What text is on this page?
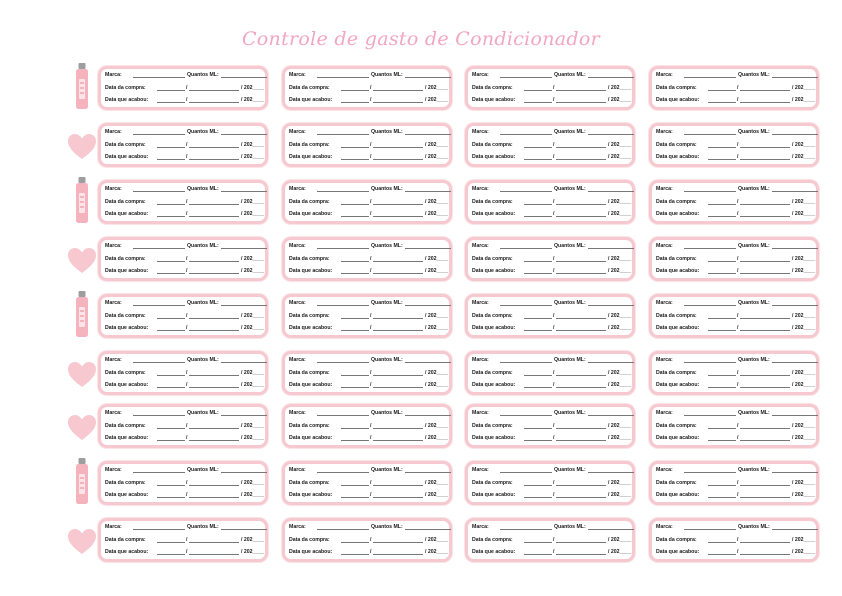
Controle de gasto de Condicionador
Marca:	Quantos ML:
Data da compra:	/	/ 202____
Data que acabou:	/	/ 202____
Marca:	Quantos ML:
Data da compra:	/	/ 202____
Data que acabou:	/	/ 202____
Marca:	Quantos ML:
Data da compra:	/	/ 202____
Data que acabou:	/	/ 202____
Marca:	Quantos ML:
Data da compra:	/	/ 202____
Data que acabou:	/	/ 202____
Marca:	Quantos ML:
Data da compra:	/	/ 202____
Data que acabou:	/	/ 202____
Marca:	Quantos ML:
Data da compra:	/	/ 202____
Data que acabou:	/	/ 202____
Marca:	Quantos ML:
Data da compra:	/	/ 202____
Data que acabou:	/	/ 202____
Marca:	Quantos ML:
Data da compra:	/	/ 202____
Data que acabou:	/	/ 202____
Marca:	Quantos ML:
Data da compra:	/	/ 202____
Data que acabou:	/	/ 202____
Marca:	Quantos ML:
Data da compra:	/	/ 202____
Data que acabou:	/	/ 202____
Marca:	Quantos ML:
Data da compra:	/	/ 202____
Data que acabou:	/	/ 202____
Marca:	Quantos ML:
Data da compra:	/	/ 202____
Data que acabou:	/	/ 202____
Marca:	Quantos ML:
Data da compra:	/	/ 202____
Data que acabou:	/	/ 202____
Marca:	Quantos ML:
Data da compra:	/	/ 202____
Data que acabou:	/	/ 202____
Marca:	Quantos ML:
Data da compra:	/	/ 202____
Data que acabou:	/	/ 202____
Marca:	Quantos ML:
Data da compra:	/	/ 202____
Data que acabou:	/	/ 202____
Marca:	Quantos ML:
Data da compra:	/	/ 202____
Data que acabou:	/	/ 202____
Marca:	Quantos ML:
Data da compra:	/	/ 202____
Data que acabou:	/	/ 202____
Marca:	Quantos ML:
Data da compra:	/	/ 202____
Data que acabou:	/	/ 202____
Marca:	Quantos ML:
Data da compra:	/	/ 202____
Data que acabou:	/	/ 202____
Marca:	Quantos ML:
Data da compra:	/	/ 202____
Data que acabou:	/	/ 202____
Marca:	Quantos ML:
Data da compra:	/	/ 202____
Data que acabou:	/	/ 202____
Marca:	Quantos ML:
Data da compra:	/	/ 202____
Data que acabou:	/	/ 202____
Marca:	Quantos ML:
Data da compra:	/	/ 202____
Data que acabou:	/	/ 202____
Marca:	Quantos ML:
Data da compra:	/	/ 202____
Data que acabou:	/	/ 202____
Marca:	Quantos ML:
Data da compra:	/	/ 202____
Data que acabou:	/	/ 202____
Marca:	Quantos ML:
Data da compra:	/	/ 202____
Data que acabou:	/	/ 202____
Marca:	Quantos ML:
Data da compra:	/	/ 202____
Data que acabou:	/	/ 202____
Marca:	Quantos ML:
Data da compra:	/	/ 202____
Data que acabou:	/	/ 202____
Marca:	Quantos ML:
Data da compra:	/	/ 202____
Data que acabou:	/	/ 202____
Marca:	Quantos ML:
Data da compra:	/	/ 202____
Data que acabou:	/	/ 202____
Marca:	Quantos ML:
Data da compra:	/	/ 202____
Data que acabou:	/	/ 202____
Marca:	Quantos ML:
Data da compra:	/	/ 202____
Data que acabou:	/	/ 202____
Marca:	Quantos ML:
Data da compra:	/	/ 202____
Data que acabou:	/	/ 202____
Marca:	Quantos ML:
Data da compra:	/	/ 202____
Data que acabou:	/	/ 202____
Marca:	Quantos ML:
Data da compra:	/	/ 202____
Data que acabou:	/	/ 202____
